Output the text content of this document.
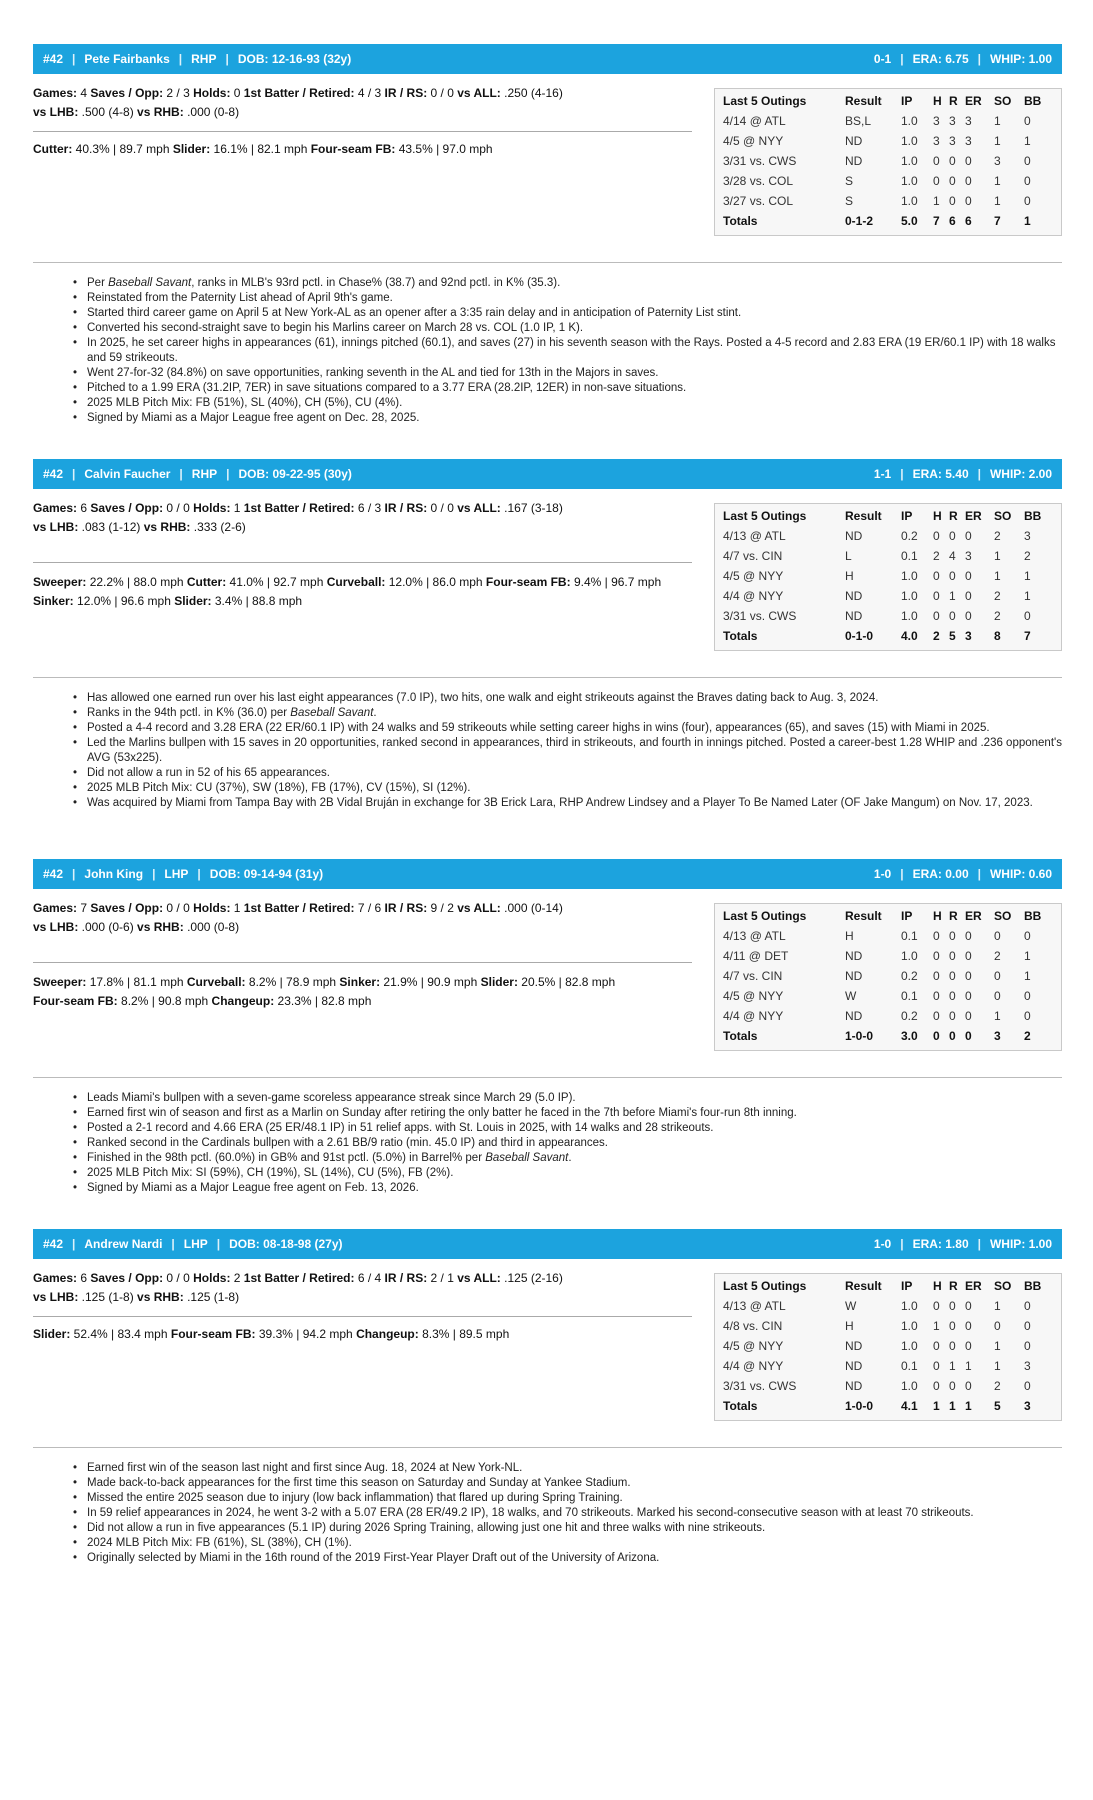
#42 | Pete Fairbanks | RHP | DOB: 12-16-93 (32y)	0-1 | ERA: 6.75 | WHIP: 1.00
Games: 4 Saves / Opp: 2 / 3 Holds: 0 1st Batter / Retired: 4 / 3 IR / RS: 0 / 0 vs ALL: .250 (4-16)
vs LHB: .500 (4-8) vs RHB: .000 (0-8)
Cutter: 40.3% | 89.7 mph Slider: 16.1% | 82.1 mph Four-seam FB: 43.5% | 97.0 mph
Last 5 Outings	Result	IP	H	R	ER	SO	BB
4/14 @ ATL	BS,L	1.0	3	3	3	1	0
4/5 @ NYY	ND	1.0	3	3	3	1	1
3/31 vs. CWS	ND	1.0	0	0	0	3	0
3/28 vs. COL	S	1.0	0	0	0	1	0
3/27 vs. COL	S	1.0	1	0	0	1	0
Totals	0-1-2	5.0	7	6	6	7	1
• Per Baseball Savant, ranks in MLB's 93rd pctl. in Chase% (38.7) and 92nd pctl. in K% (35.3).
• Reinstated from the Paternity List ahead of April 9th's game.
• Started third career game on April 5 at New York-AL as an opener after a 3:35 rain delay and in anticipation of Paternity List stint.
• Converted his second-straight save to begin his Marlins career on March 28 vs. COL (1.0 IP, 1 K).
• In 2025, he set career highs in appearances (61), innings pitched (60.1), and saves (27) in his seventh season with the Rays. Posted a 4-5 record and 2.83 ERA (19 ER/60.1 IP) with 18 walks and 59 strikeouts.
• Went 27-for-32 (84.8%) on save opportunities, ranking seventh in the AL and tied for 13th in the Majors in saves.
• Pitched to a 1.99 ERA (31.2IP, 7ER) in save situations compared to a 3.77 ERA (28.2IP, 12ER) in non-save situations.
• 2025 MLB Pitch Mix: FB (51%), SL (40%), CH (5%), CU (4%).
• Signed by Miami as a Major League free agent on Dec. 28, 2025.
#42 | Calvin Faucher | RHP | DOB: 09-22-95 (30y)	1-1 | ERA: 5.40 | WHIP: 2.00
Games: 6 Saves / Opp: 0 / 0 Holds: 1 1st Batter / Retired: 6 / 3 IR / RS: 0 / 0 vs ALL: .167 (3-18)
vs LHB: .083 (1-12) vs RHB: .333 (2-6)
Sweeper: 22.2% | 88.0 mph Cutter: 41.0% | 92.7 mph Curveball: 12.0% | 86.0 mph Four-seam FB: 9.4% | 96.7 mph
Sinker: 12.0% | 96.6 mph Slider: 3.4% | 88.8 mph
Last 5 Outings	Result	IP	H	R	ER	SO	BB
4/13 @ ATL	ND	0.2	0	0	0	2	3
4/7 vs. CIN	L	0.1	2	4	3	1	2
4/5 @ NYY	H	1.0	0	0	0	1	1
4/4 @ NYY	ND	1.0	0	1	0	2	1
3/31 vs. CWS	ND	1.0	0	0	0	2	0
Totals	0-1-0	4.0	2	5	3	8	7
• Has allowed one earned run over his last eight appearances (7.0 IP), two hits, one walk and eight strikeouts against the Braves dating back to Aug. 3, 2024.
• Ranks in the 94th pctl. in K% (36.0) per Baseball Savant.
• Posted a 4-4 record and 3.28 ERA (22 ER/60.1 IP) with 24 walks and 59 strikeouts while setting career highs in wins (four), appearances (65), and saves (15) with Miami in 2025.
• Led the Marlins bullpen with 15 saves in 20 opportunities, ranked second in appearances, third in strikeouts, and fourth in innings pitched. Posted a career-best 1.28 WHIP and .236 opponent's AVG (53x225).
• Did not allow a run in 52 of his 65 appearances.
• 2025 MLB Pitch Mix: CU (37%), SW (18%), FB (17%), CV (15%), SI (12%).
• Was acquired by Miami from Tampa Bay with 2B Vidal Bruján in exchange for 3B Erick Lara, RHP Andrew Lindsey and a Player To Be Named Later (OF Jake Mangum) on Nov. 17, 2023.
#42 | John King | LHP | DOB: 09-14-94 (31y)	1-0 | ERA: 0.00 | WHIP: 0.60
Games: 7 Saves / Opp: 0 / 0 Holds: 1 1st Batter / Retired: 7 / 6 IR / RS: 9 / 2 vs ALL: .000 (0-14)
vs LHB: .000 (0-6) vs RHB: .000 (0-8)
Sweeper: 17.8% | 81.1 mph Curveball: 8.2% | 78.9 mph Sinker: 21.9% | 90.9 mph Slider: 20.5% | 82.8 mph
Four-seam FB: 8.2% | 90.8 mph Changeup: 23.3% | 82.8 mph
Last 5 Outings	Result	IP	H	R	ER	SO	BB
4/13 @ ATL	H	0.1	0	0	0	0	0
4/11 @ DET	ND	1.0	0	0	0	2	1
4/7 vs. CIN	ND	0.2	0	0	0	0	1
4/5 @ NYY	W	0.1	0	0	0	0	0
4/4 @ NYY	ND	0.2	0	0	0	1	0
Totals	1-0-0	3.0	0	0	0	3	2
• Leads Miami's bullpen with a seven-game scoreless appearance streak since March 29 (5.0 IP).
• Earned first win of season and first as a Marlin on Sunday after retiring the only batter he faced in the 7th before Miami's four-run 8th inning.
• Posted a 2-1 record and 4.66 ERA (25 ER/48.1 IP) in 51 relief apps. with St. Louis in 2025, with 14 walks and 28 strikeouts.
• Ranked second in the Cardinals bullpen with a 2.61 BB/9 ratio (min. 45.0 IP) and third in appearances.
• Finished in the 98th pctl. (60.0%) in GB% and 91st pctl. (5.0%) in Barrel% per Baseball Savant.
• 2025 MLB Pitch Mix: SI (59%), CH (19%), SL (14%), CU (5%), FB (2%).
• Signed by Miami as a Major League free agent on Feb. 13, 2026.
#42 | Andrew Nardi | LHP | DOB: 08-18-98 (27y)	1-0 | ERA: 1.80 | WHIP: 1.00
Games: 6 Saves / Opp: 0 / 0 Holds: 2 1st Batter / Retired: 6 / 4 IR / RS: 2 / 1 vs ALL: .125 (2-16)
vs LHB: .125 (1-8) vs RHB: .125 (1-8)
Slider: 52.4% | 83.4 mph Four-seam FB: 39.3% | 94.2 mph Changeup: 8.3% | 89.5 mph
Last 5 Outings	Result	IP	H	R	ER	SO	BB
4/13 @ ATL	W	1.0	0	0	0	1	0
4/8 vs. CIN	H	1.0	1	0	0	0	0
4/5 @ NYY	ND	1.0	0	0	0	1	0
4/4 @ NYY	ND	0.1	0	1	1	1	3
3/31 vs. CWS	ND	1.0	0	0	0	2	0
Totals	1-0-0	4.1	1	1	1	5	3
• Earned first win of the season last night and first since Aug. 18, 2024 at New York-NL.
• Made back-to-back appearances for the first time this season on Saturday and Sunday at Yankee Stadium.
• Missed the entire 2025 season due to injury (low back inflammation) that flared up during Spring Training.
• In 59 relief appearances in 2024, he went 3-2 with a 5.07 ERA (28 ER/49.2 IP), 18 walks, and 70 strikeouts. Marked his second-consecutive season with at least 70 strikeouts.
• Did not allow a run in five appearances (5.1 IP) during 2026 Spring Training, allowing just one hit and three walks with nine strikeouts.
• 2024 MLB Pitch Mix: FB (61%), SL (38%), CH (1%).
• Originally selected by Miami in the 16th round of the 2019 First-Year Player Draft out of the University of Arizona.
